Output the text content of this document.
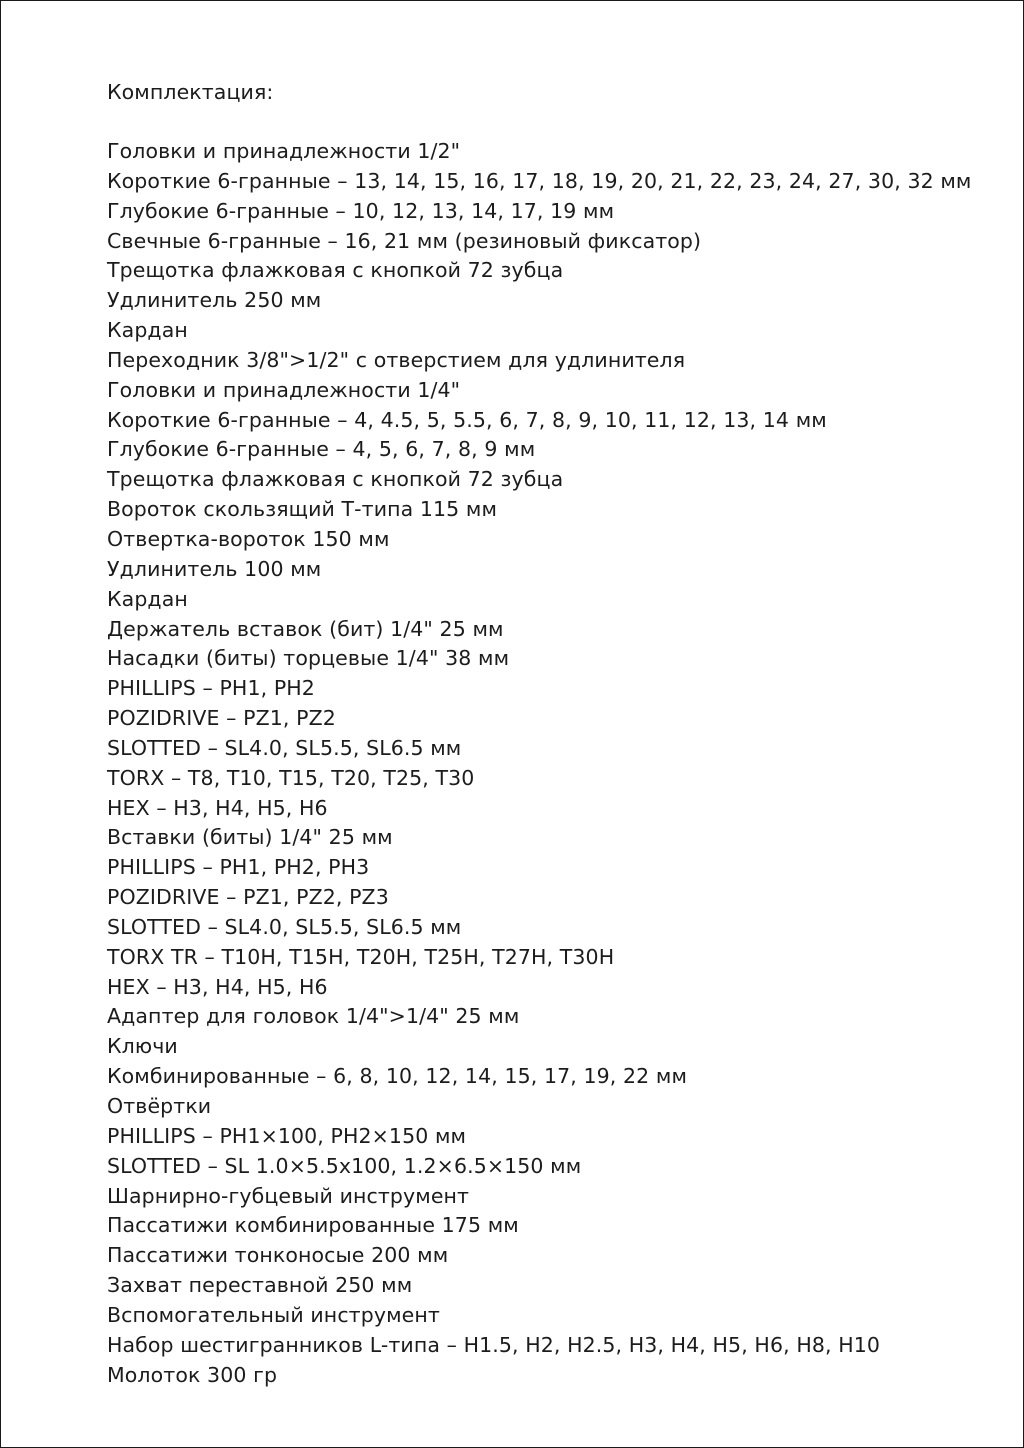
Комплектация:
Головки и принадлежности 1/2"
Короткие 6-гранные – 13, 14, 15, 16, 17, 18, 19, 20, 21, 22, 23, 24, 27, 30, 32 мм
Глубокие 6-гранные – 10, 12, 13, 14, 17, 19 мм
Свечные 6-гранные – 16, 21 мм (резиновый фиксатор)
Трещотка флажковая с кнопкой 72 зубца
Удлинитель 250 мм
Кардан
Переходник 3/8">1/2" с отверстием для удлинителя
Головки и принадлежности 1/4"
Короткие 6-гранные – 4, 4.5, 5, 5.5, 6, 7, 8, 9, 10, 11, 12, 13, 14 мм
Глубокие 6-гранные – 4, 5, 6, 7, 8, 9 мм
Трещотка флажковая с кнопкой 72 зубца
Вороток скользящий Т-типа 115 мм
Отвертка-вороток 150 мм
Удлинитель 100 мм
Кардан
Держатель вставок (бит) 1/4" 25 мм
Насадки (биты) торцевые 1/4" 38 мм
PHILLIPS – PH1, PH2
POZIDRIVE – PZ1, PZ2
SLOTTED – SL4.0, SL5.5, SL6.5 мм
TORX – T8, T10, T15, T20, T25, T30
HEX – H3, H4, H5, H6
Вставки (биты) 1/4" 25 мм
PHILLIPS – PH1, PH2, PH3
POZIDRIVE – PZ1, PZ2, PZ3
SLOTTED – SL4.0, SL5.5, SL6.5 мм
TORX TR – T10H, T15H, T20H, T25H, T27H, T30H
HEX – H3, H4, H5, H6
Адаптер для головок 1/4">1/4" 25 мм
Ключи
Комбинированные – 6, 8, 10, 12, 14, 15, 17, 19, 22 мм
Отвёртки
PHILLIPS – PH1×100, PH2×150 мм
SLOTTED – SL 1.0×5.5x100, 1.2×6.5×150 мм
Шарнирно-губцевый инструмент
Пассатижи комбинированные 175 мм
Пассатижи тонконосые 200 мм
Захват переставной 250 мм
Вспомогательный инструмент
Набор шестигранников L-типа – H1.5, H2, H2.5, H3, H4, H5, H6, H8, H10
Молоток 300 гр
